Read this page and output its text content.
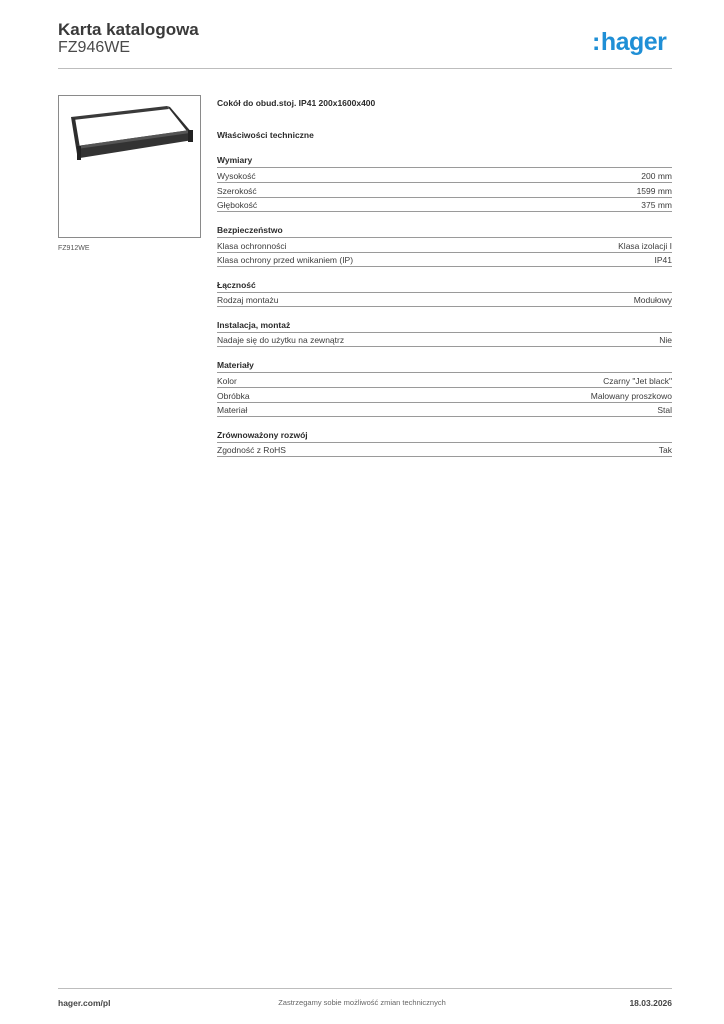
Karta katalogowa
FZ946WE	:hager
FZ912WE
Cokół do obud.stoj. IP41 200x1600x400
Właściwości techniczne
Wymiary
Wysokość	200 mm
Szerokość	1599 mm
Głębokość	375 mm
Bezpieczeństwo
Klasa ochronności	Klasa izolacji I
Klasa ochrony przed wnikaniem (IP)	IP41
Łączność
Rodzaj montażu	Modułowy
Instalacja, montaż
Nadaje się do użytku na zewnątrz	Nie
Materiały
Kolor	Czarny "Jet black"
Obróbka	Malowany proszkowo
Materiał	Stal
Zrównoważony rozwój
Zgodność z RoHS	Tak
hager.com/pl	Zastrzegamy sobie możliwość zmian technicznych	18.03.2026
